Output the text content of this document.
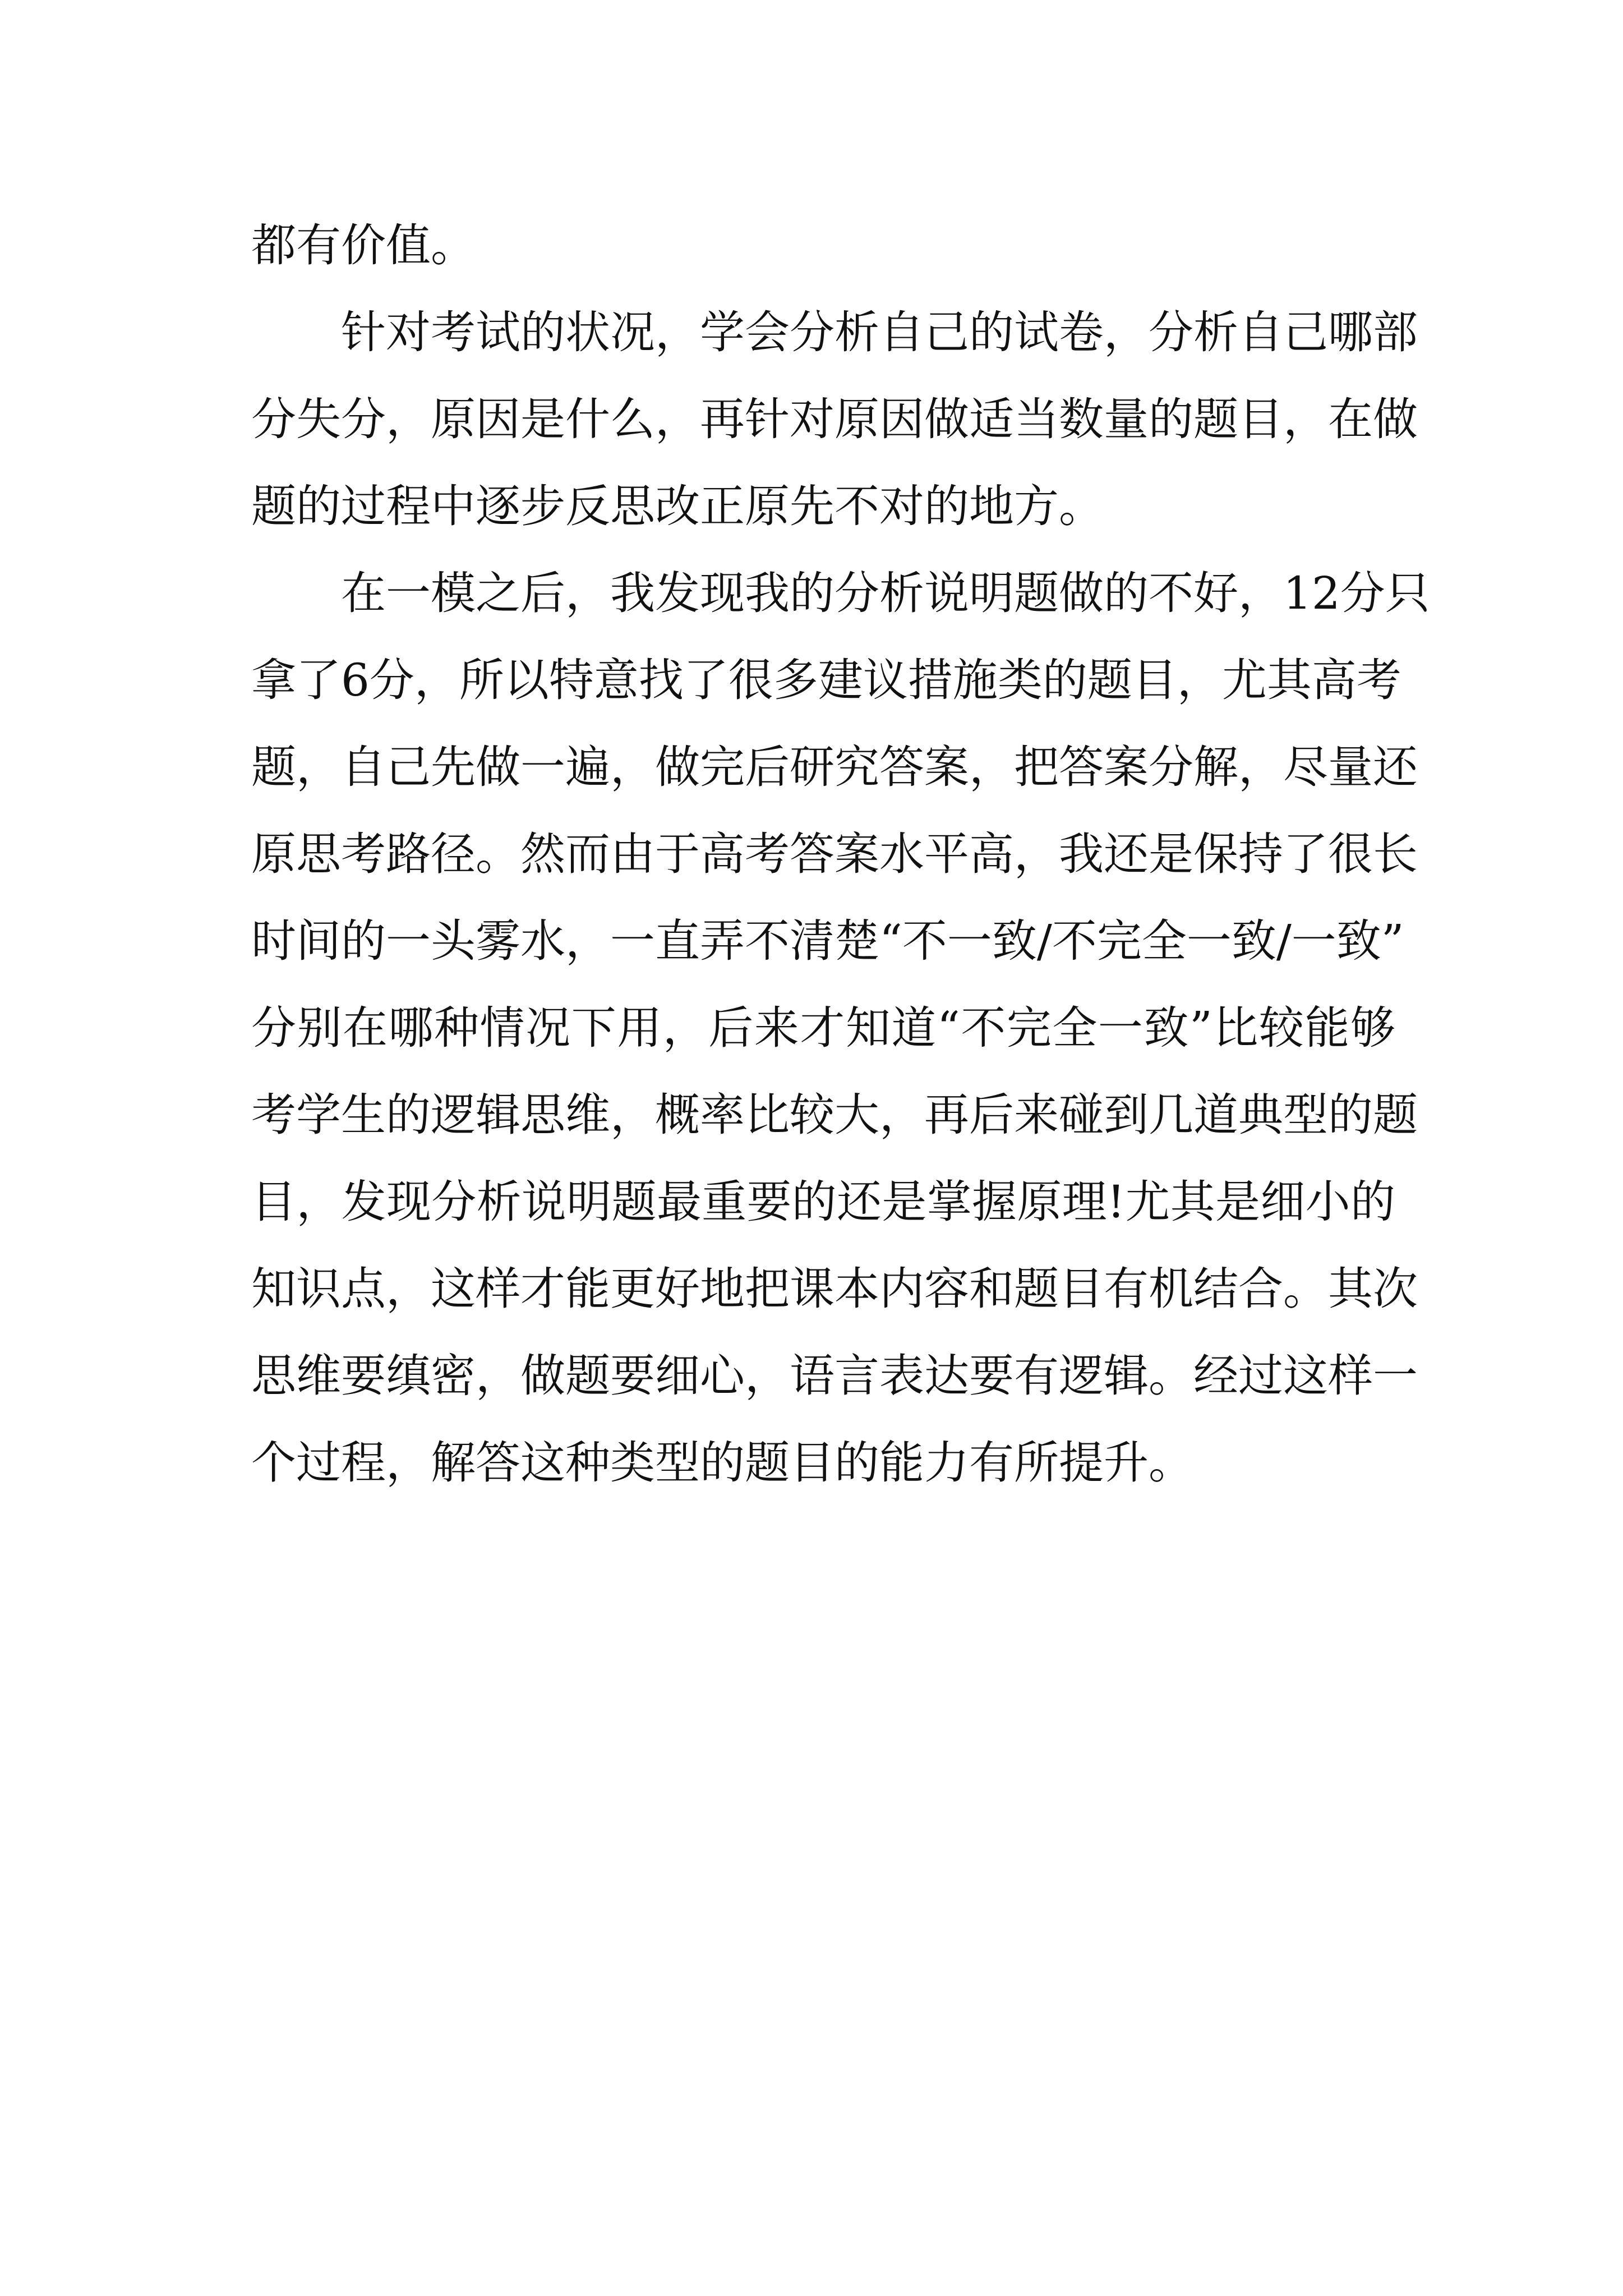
都有价值。
针对考试的状况，学会分析自己的试卷，分析自己哪部
分失分，原因是什么，再针对原因做适当数量的题目，在做
题的过程中逐步反思改正原先不对的地方。
在一模之后，我发现我的分析说明题做的不好，12分只
拿了6分，所以特意找了很多建议措施类的题目，尤其高考
题，自己先做一遍，做完后研究答案，把答案分解，尽量还
原思考路径。然而由于高考答案水平高，我还是保持了很长
时间的一头雾水，一直弄不清楚“不一致/不完全一致/一致”
分别在哪种情况下用，后来才知道“不完全一致”比较能够
考学生的逻辑思维，概率比较大，再后来碰到几道典型的题
目，发现分析说明题最重要的还是掌握原理!尤其是细小的
知识点，这样才能更好地把课本内容和题目有机结合。其次
思维要缜密，做题要细心，语言表达要有逻辑。经过这样一
个过程，解答这种类型的题目的能力有所提升。
